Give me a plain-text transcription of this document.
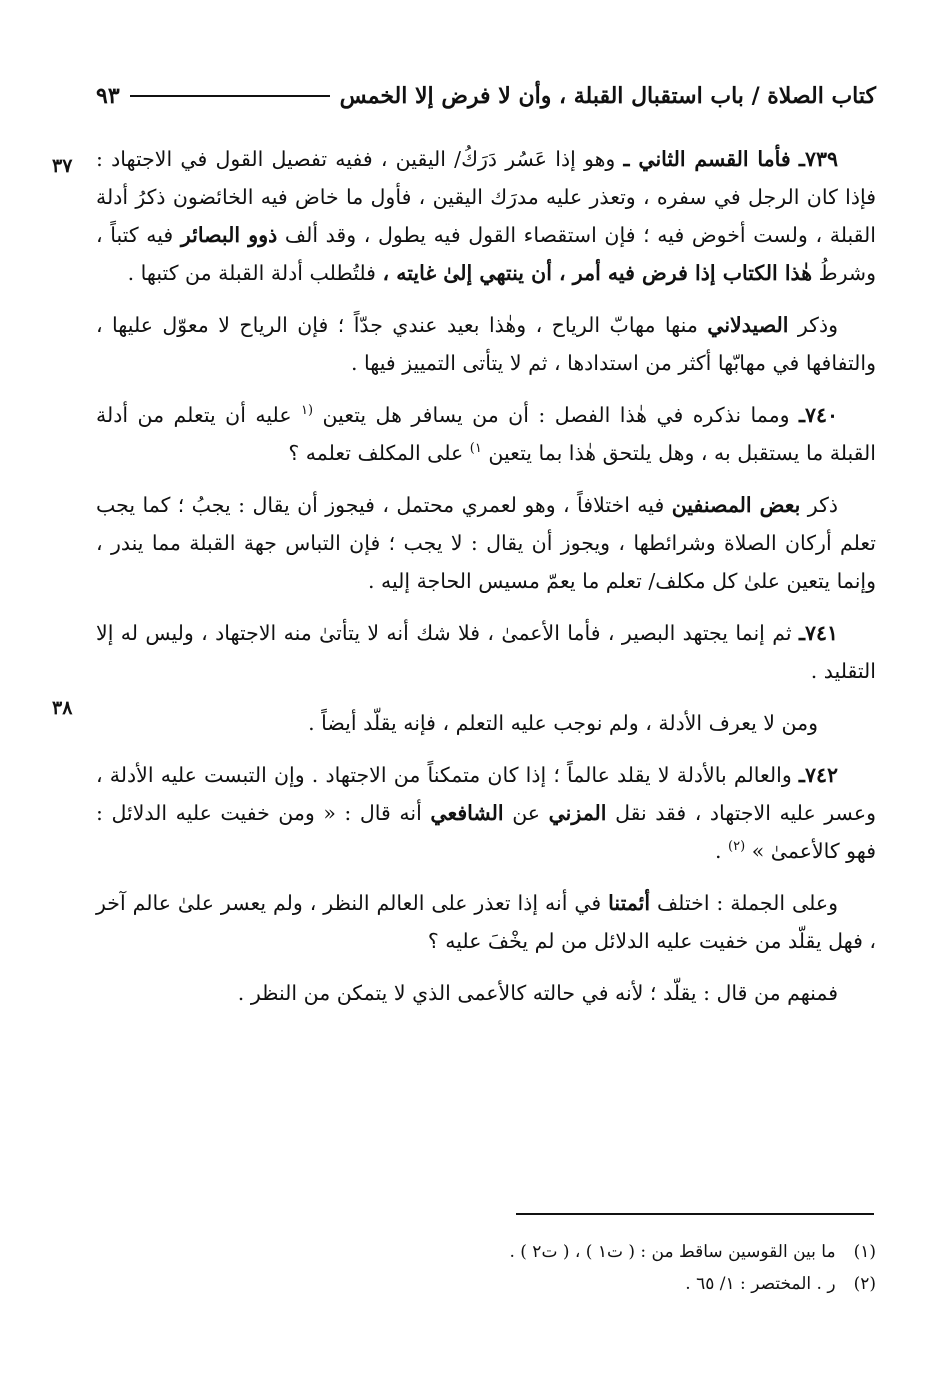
كتاب الصلاة / باب استقبال القبلة ، وأن لا فرض إلا الخمس
٩٣
٣٧
٣٨

٧٣٩ـ فأما القسم الثاني ـ وهو إذا عَسُر دَرَكُ/ اليقين ، ففيه تفصيل القول في الاجتهاد : فإذا كان الرجل في سفره ، وتعذر عليه مدرَك اليقين ، فأول ما خاض فيه الخائضون ذكرُ أدلة القبلة ، ولست أخوض فيه ؛ فإن استقصاء القول فيه يطول ، وقد ألف ذوو البصائر فيه كتباً ، وشرطُ هٰذا الكتاب إذا فرض فيه أمر ، أن ينتهي إلىٰ غايته ، فلتُطلب أدلة القبلة من كتبها .

وذكر الصيدلاني منها مهابّ الرياح ، وهٰذا بعيد عندي جدّاً ؛ فإن الرياح لا معوّل عليها ، والتفافها في مهابّها أكثر من استدادها ، ثم لا يتأتى التمييز فيها .

٧٤٠ـ ومما نذكره في هٰذا الفصل : أن من يسافر هل يتعين $^{(١}$ عليه أن يتعلم من أدلة القبلة ما يستقبل به ، وهل يلتحق هٰذا بما يتعين $^{١)}$ على المكلف تعلمه ؟

ذكر بعض المصنفين فيه اختلافاً ، وهو لعمري محتمل ، فيجوز أن يقال : يجبُ ؛ كما يجب تعلم أركان الصلاة وشرائطها ، ويجوز أن يقال : لا يجب ؛ فإن التباس جهة القبلة مما يندر ، وإنما يتعين علىٰ كل مكلف/ تعلم ما يعمّ مسيس الحاجة إليه .

٧٤١ـ ثم إنما يجتهد البصير ، فأما الأعمىٰ ، فلا شك أنه لا يتأتىٰ منه الاجتهاد ، وليس له إلا التقليد .

ومن لا يعرف الأدلة ، ولم نوجب عليه التعلم ، فإنه يقلّد أيضاً .

٧٤٢ـ والعالم بالأدلة لا يقلد عالماً ؛ إذا كان متمكناً من الاجتهاد . وإن التبست عليه الأدلة ، وعسر عليه الاجتهاد ، فقد نقل المزني عن الشافعي أنه قال : « ومن خفيت عليه الدلائل : فهو كالأعمىٰ » $^{(٢)}$ .

وعلى الجملة : اختلف أئمتنا في أنه إذا تعذر على العالم النظر ، ولم يعسر علىٰ عالم آخر ، فهل يقلّد من خفيت عليه الدلائل من لم يخْفَ عليه ؟

فمنهم من قال : يقلّد ؛ لأنه في حالته كالأعمى الذي لا يتمكن من النظر .

(١)
ما بين القوسين ساقط من : ( ت١ ) ، ( ت٢ ) .
(٢)
ر . المختصر : ١/ ٦٥ .
